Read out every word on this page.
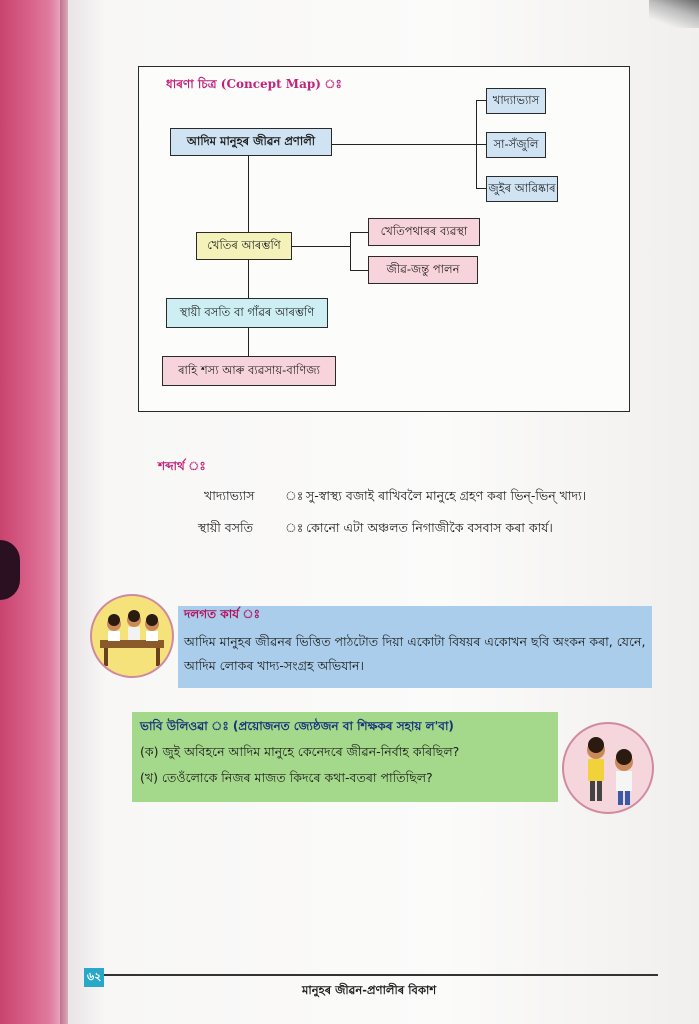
ধাৰণা চিত্ৰ (Concept Map) ঃ
আদিম মানুহৰ জীৱন প্ৰণালী
খাদ্যাভ্যাস
সা-সঁজুলি
জুইৰ আৱিষ্কাৰ
খেতিৰ আৰম্ভণি
খেতিপথাৰৰ ব্যৱস্থা
জীৱ-জন্তু পালন
স্থায়ী বসতি বা গাঁৱৰ আৰম্ভণি
ৰাহি শস্য আৰু ব্যৱসায়-বাণিজ্য
শব্দাৰ্থ ঃ
খাদ্যাভ্যাস ঃ সু-স্বাস্থ্য বজাই ৰাখিবলৈ মানুহে গ্ৰহণ কৰা ভিন্-ভিন্ খাদ্য।
স্থায়ী বসতি	ঃ কোনো এটা অঞ্চলত নিগাজীকৈ বসবাস কৰা কাৰ্য।
দলগত কাৰ্য ঃ
আদিম মানুহৰ জীৱনৰ ভিত্তিত পাঠটোত দিয়া একোটা বিষয়ৰ একোখন ছবি অংকন কৰা, যেনে, আদিম লোকৰ খাদ্য-সংগ্ৰহ অভিযান।
ভাবি উলিওৱা ঃ (প্ৰয়োজনত জ্যেষ্ঠজন বা শিক্ষকৰ সহায় ল'বা)
(ক) জুই অবিহনে আদিম মানুহে কেনেদৰে জীৱন-নিৰ্বাহ কৰিছিল?
(খ) তেওঁলোকে নিজৰ মাজত কিদৰে কথা-বতৰা পাতিছিল?
৬২
মানুহৰ জীৱন-প্ৰণালীৰ বিকাশ
